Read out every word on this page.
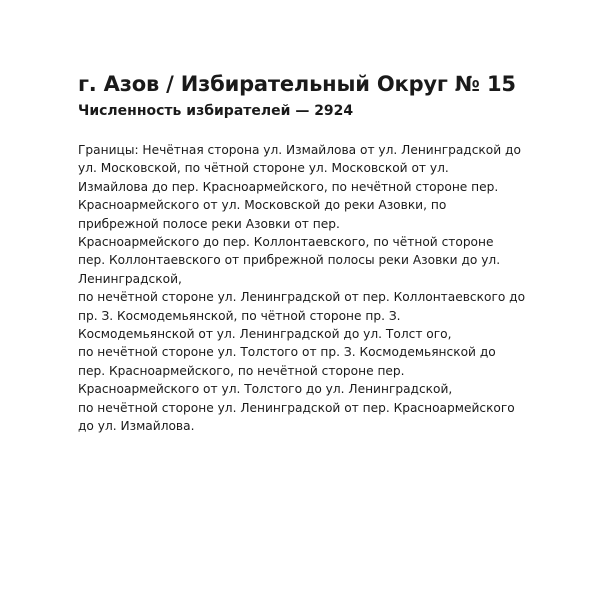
г. Азов / Избирательный Округ № 15
Численность избирателей — 2924
Границы: Нечётная сторона ул. Измайлова от ул. Ленинградской до
ул. Московской, по чётной стороне ул. Московской от ул.
Измайлова до пер. Красноармейского, по нечётной стороне пер.
Красноармейского от ул. Московской до реки Азовки, по
прибрежной полосе реки Азовки от пер.
Красноармейского до пер. Коллонтаевского, по чётной стороне
пер. Коллонтаевского от прибрежной полосы реки Азовки до ул.
Ленинградской,
по нечётной стороне ул. Ленинградской от пер. Коллонтаевского до
пр. З. Космодемьянской, по чётной стороне пр. З.
Космодемьянской от ул. Ленинградской до ул. Толст ого,
по нечётной стороне ул. Толстого от пр. З. Космодемьянской до
пер. Красноармейского, по нечётной стороне пер.
Красноармейского от ул. Толстого до ул. Ленинградской,
по нечётной стороне ул. Ленинградской от пер. Красноармейского
до ул. Измайлова.
